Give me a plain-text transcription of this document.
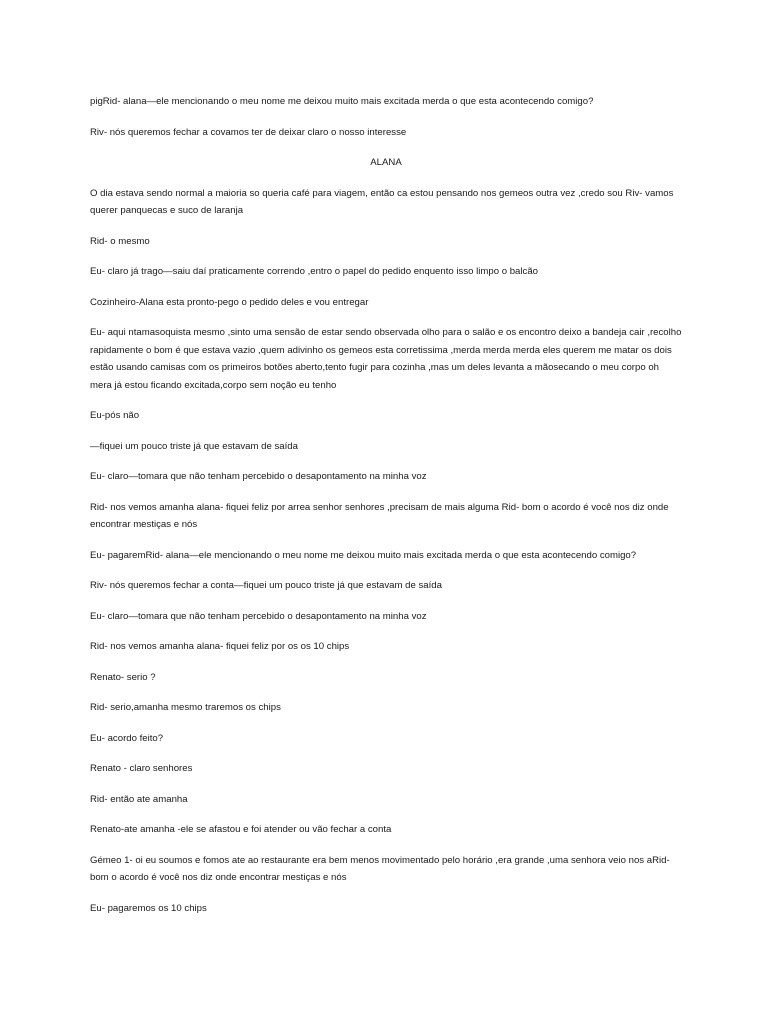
pigRid- alana—ele mencionando o meu nome me deixou muito mais excitada merda o que esta acontecendo comigo?

Riv- nós queremos fechar a covamos ter de deixar claro o nosso interesse

ALANA

O dia estava sendo normal a maioria so queria café para viagem, então ca estou pensando nos gemeos outra vez ,credo sou Riv- vamos querer panquecas e suco de laranja

Rid- o mesmo

Eu- claro já trago—saiu daí praticamente correndo ,entro o papel do pedido enquento isso limpo o balcão

Cozinheiro-Alana esta pronto-pego o pedido deles e vou entregar

Eu- aqui ntamasoquista mesmo ,sinto uma sensão de estar sendo observada olho para o salão e os encontro deixo a bandeja cair ,recolho rapidamente o bom é que estava vazio ,quem adivinho os gemeos esta corretissima ,merda merda merda eles querem me matar os dois estão usando camisas com os primeiros botões aberto,tento fugir para cozinha ,mas um deles levanta a mãosecando o meu corpo oh mera já estou ficando excitada,corpo sem noção eu tenho

Eu-pós não

—fiquei um pouco triste já que estavam de saída

Eu- claro—tomara que não tenham percebido o desapontamento na minha voz

Rid- nos vemos amanha alana- fiquei feliz por arrea senhor senhores ,precisam de mais alguma Rid- bom o acordo é você nos diz onde encontrar mestiças e nós

Eu- pagaremRid- alana—ele mencionando o meu nome me deixou muito mais excitada merda o que esta acontecendo comigo?

Riv- nós queremos fechar a conta—fiquei um pouco triste já que estavam de saída

Eu- claro—tomara que não tenham percebido o desapontamento na minha voz

Rid- nos vemos amanha alana- fiquei feliz por os os 10 chips

Renato- serio ?

Rid- serio,amanha mesmo traremos os chips

Eu- acordo feito?

Renato - claro senhores

Rid- então ate amanha

Renato-ate amanha -ele se afastou e foi atender ou vão fechar a conta

Gémeo 1- oi eu soumos e fomos ate ao restaurante era bem menos movimentado pelo horário ,era grande ,uma senhora veio nos aRid- bom o acordo é você nos diz onde encontrar mestiças e nós

Eu- pagaremos os 10 chips
